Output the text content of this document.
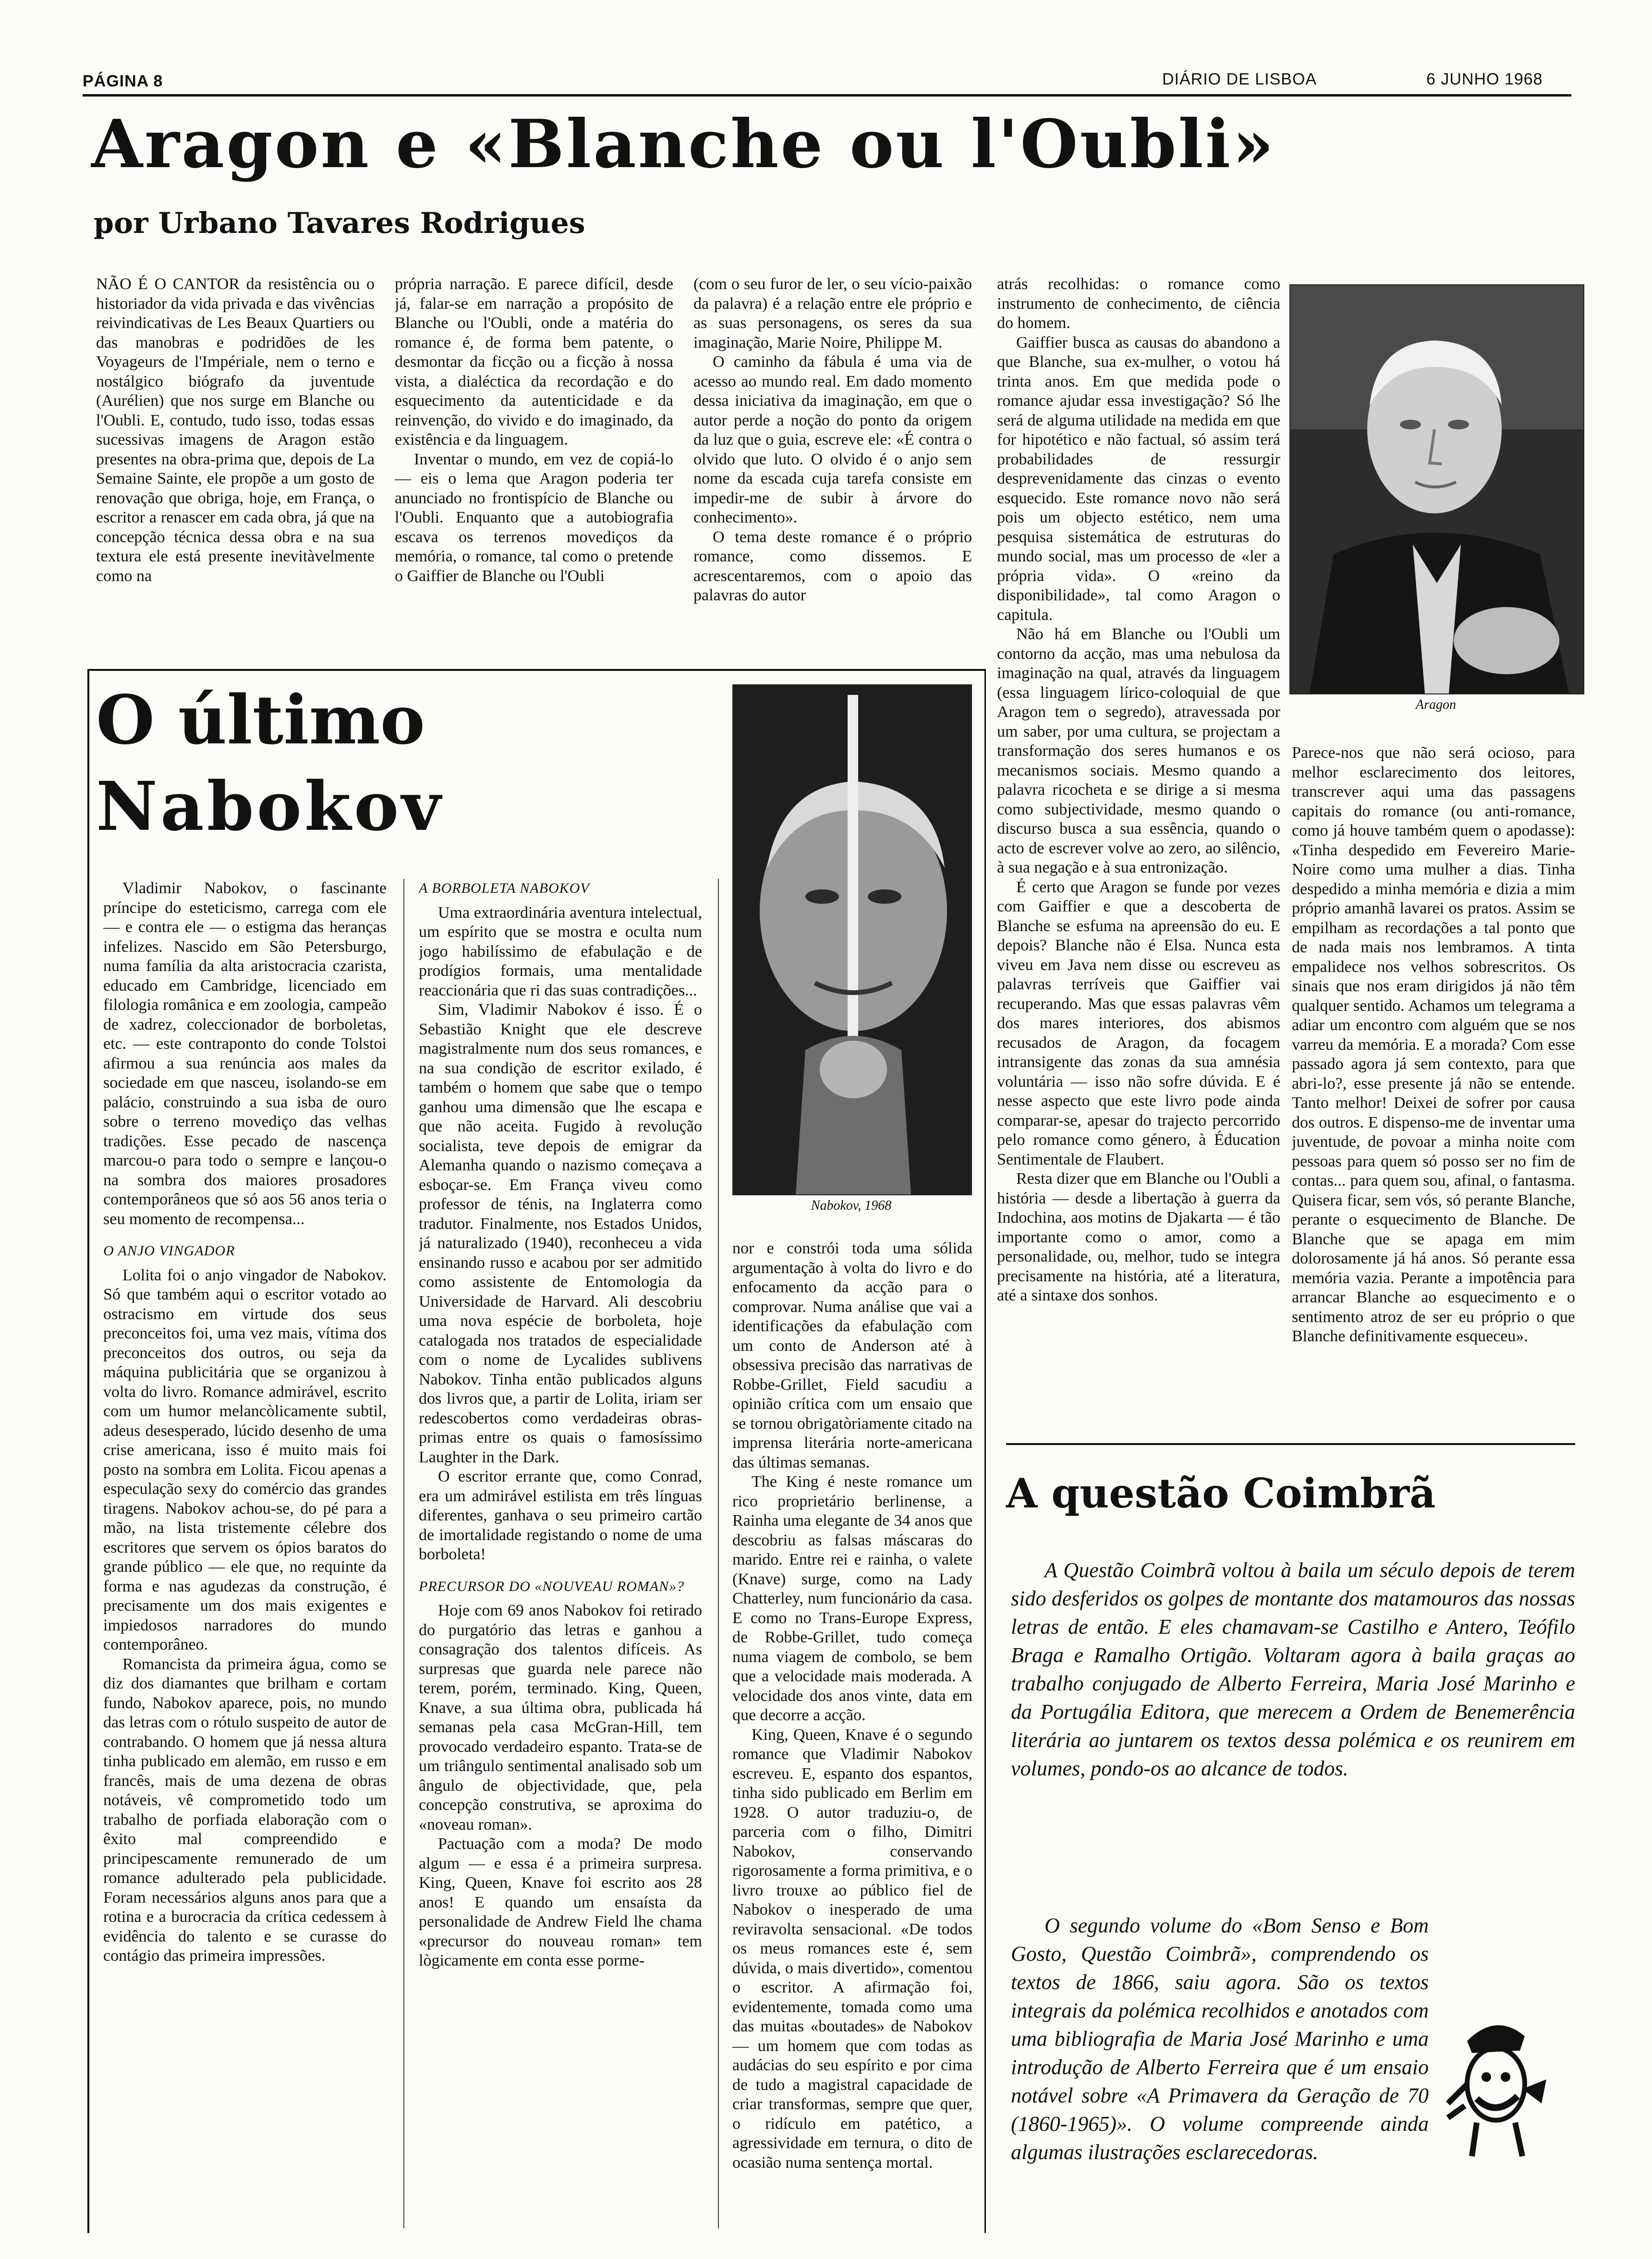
PÁGINA 8	DIÁRIO DE LISBOA	6 JUNHO 1968
Aragon e «Blanche ou l'Oubli»
por Urbano Tavares Rodrigues

NÃO É O CANTOR da resistência ou o historiador da vida privada e das vivências reivindicativas de Les Beaux Quartiers ou das manobras e podridões de les Voyageurs de l'Impériale, nem o terno e nostálgico biógrafo da juventude (Aurélien) que nos surge em Blanche ou l'Oubli. E, contudo, tudo isso, todas essas sucessivas imagens de Aragon estão presentes na obra-prima que, depois de La Semaine Sainte, ele propõe a um gosto de renovação que obriga, hoje, em França, o escritor a renascer em cada obra, já que na concepção técnica dessa obra e na sua textura ele está presente inevitàvelmente como na

própria narração. E parece difícil, desde já, falar-se em narração a propósito de Blanche ou l'Oubli, onde a matéria do romance é, de forma bem patente, o desmontar da ficção ou a ficção à nossa vista, a dialéctica da recordação e do esquecimento da autenticidade e da reinvenção, do vivido e do imaginado, da existência e da linguagem.

Inventar o mundo, em vez de copiá-lo — eis o lema que Aragon poderia ter anunciado no frontispício de Blanche ou l'Oubli. Enquanto que a autobiografia escava os terrenos movediços da memória, o romance, tal como o pretende o Gaiffier de Blanche ou l'Oubli

(com o seu furor de ler, o seu vício-paixão da palavra) é a relação entre ele próprio e as suas personagens, os seres da sua imaginação, Marie Noire, Philippe M.

O caminho da fábula é uma via de acesso ao mundo real. Em dado momento dessa iniciativa da imaginação, em que o autor perde a noção do ponto da origem da luz que o guia, escreve ele: «É contra o olvido que luto. O olvido é o anjo sem nome da escada cuja tarefa consiste em impedir-me de subir à árvore do conhecimento».

O tema deste romance é o próprio romance, como dissemos. E acrescentaremos, com o apoio das palavras do autor

atrás recolhidas: o romance como instrumento de conhecimento, de ciência do homem.

Gaiffier busca as causas do abandono a que Blanche, sua ex-mulher, o votou há trinta anos. Em que medida pode o romance ajudar essa investigação? Só lhe será de alguma utilidade na medida em que for hipotético e não factual, só assim terá probabilidades de ressurgir desprevenidamente das cinzas o evento esquecido. Este romance novo não será pois um objecto estético, nem uma pesquisa sistemática de estruturas do mundo social, mas um processo de «ler a própria vida». O «reino da disponibilidade», tal como Aragon o capitula.

Não há em Blanche ou l'Oubli um contorno da acção, mas uma nebulosa da imaginação na qual, através da linguagem (essa linguagem lírico-coloquial de que Aragon tem o segredo), atravessada por um saber, por uma cultura, se projectam a transformação dos seres humanos e os mecanismos sociais. Mesmo quando a palavra ricocheta e se dirige a si mesma como subjectividade, mesmo quando o discurso busca a sua essência, quando o acto de escrever volve ao zero, ao silêncio, à sua negação e à sua entronização.

É certo que Aragon se funde por vezes com Gaiffier e que a descoberta de Blanche se esfuma na apreensão do eu. E depois? Blanche não é Elsa. Nunca esta viveu em Java nem disse ou escreveu as palavras terríveis que Gaiffier vai recuperando. Mas que essas palavras vêm dos mares interiores, dos abismos recusados de Aragon, da focagem intransigente das zonas da sua amnésia voluntária — isso não sofre dúvida. E é nesse aspecto que este livro pode ainda comparar-se, apesar do trajecto percorrido pelo romance como género, à Éducation Sentimentale de Flaubert.

Resta dizer que em Blanche ou l'Oubli a história — desde a libertação à guerra da Indochina, aos motins de Djakarta — é tão importante como o amor, como a personalidade, ou, melhor, tudo se integra precisamente na história, até a literatura, até a sintaxe dos sonhos.

Aragon

Parece-nos que não será ocioso, para melhor esclarecimento dos leitores, transcrever aqui uma das passagens capitais do romance (ou anti-romance, como já houve também quem o apodasse): «Tinha despedido em Fevereiro Marie-Noire como uma mulher a dias. Tinha despedido a minha memória e dizia a mim próprio amanhã lavarei os pratos. Assim se empilham as recordações a tal ponto que de nada mais nos lembramos. A tinta empalidece nos velhos sobrescritos. Os sinais que nos eram dirigidos já não têm qualquer sentido. Achamos um telegrama a adiar um encontro com alguém que se nos varreu da memória. E a morada? Com esse passado agora já sem contexto, para que abri-lo?, esse presente já não se entende. Tanto melhor! Deixei de sofrer por causa dos outros. E dispenso-me de inventar uma juventude, de povoar a minha noite com pessoas para quem só posso ser no fim de contas... para quem sou, afinal, o fantasma. Quisera ficar, sem vós, só perante Blanche, perante o esquecimento de Blanche. De Blanche que se apaga em mim dolorosamente já há anos. Só perante essa memória vazia. Perante a impotência para arrancar Blanche ao esquecimento e o sentimento atroz de ser eu próprio o que Blanche definitivamente esqueceu».

O último
Nabokov
Nabokov, 1968

Vladimir Nabokov, o fascinante príncipe do esteticismo, carrega com ele — e contra ele — o estigma das heranças infelizes. Nascido em São Petersburgo, numa família da alta aristocracia czarista, educado em Cambridge, licenciado em filologia românica e em zoologia, campeão de xadrez, coleccionador de borboletas, etc. — este contraponto do conde Tolstoi afirmou a sua renúncia aos males da sociedade em que nasceu, isolando-se em palácio, construindo a sua isba de ouro sobre o terreno movediço das velhas tradições. Esse pecado de nascença marcou-o para todo o sempre e lançou-o na sombra dos maiores prosadores contemporâneos que só aos 56 anos teria o seu momento de recompensa...

O ANJO VINGADOR

Lolita foi o anjo vingador de Nabokov. Só que também aqui o escritor votado ao ostracismo em virtude dos seus preconceitos foi, uma vez mais, vítima dos preconceitos dos outros, ou seja da máquina publicitária que se organizou à volta do livro. Romance admirável, escrito com um humor melancòlicamente subtil, adeus desesperado, lúcido desenho de uma crise americana, isso é muito mais foi posto na sombra em Lolita. Ficou apenas a especulação sexy do comércio das grandes tiragens. Nabokov achou-se, do pé para a mão, na lista tristemente célebre dos escritores que servem os ópios baratos do grande público — ele que, no requinte da forma e nas agudezas da construção, é precisamente um dos mais exigentes e impiedosos narradores do mundo contemporâneo.

Romancista da primeira água, como se diz dos diamantes que brilham e cortam fundo, Nabokov aparece, pois, no mundo das letras com o rótulo suspeito de autor de contrabando. O homem que já nessa altura tinha publicado em alemão, em russo e em francês, mais de uma dezena de obras notáveis, vê comprometido todo um trabalho de porfiada elaboração com o êxito mal compreendido e principescamente remunerado de um romance adulterado pela publicidade. Foram necessários alguns anos para que a rotina e a burocracia da crítica cedessem à evidência do talento e se curasse do contágio das primeira impressões.

A BORBOLETA NABOKOV

Uma extraordinária aventura intelectual, um espírito que se mostra e oculta num jogo habilíssimo de efabulação e de prodígios formais, uma mentalidade reaccionária que ri das suas contradições...

Sim, Vladimir Nabokov é isso. É o Sebastião Knight que ele descreve magistralmente num dos seus romances, e na sua condição de escritor exilado, é também o homem que sabe que o tempo ganhou uma dimensão que lhe escapa e que não aceita. Fugido à revolução socialista, teve depois de emigrar da Alemanha quando o nazismo começava a esboçar-se. Em França viveu como professor de ténis, na Inglaterra como tradutor. Finalmente, nos Estados Unidos, já naturalizado (1940), reconheceu a vida ensinando russo e acabou por ser admitido como assistente de Entomologia da Universidade de Harvard. Ali descobriu uma nova espécie de borboleta, hoje catalogada nos tratados de especialidade com o nome de Lycalides sublivens Nabokov. Tinha então publicados alguns dos livros que, a partir de Lolita, iriam ser redescobertos como verdadeiras obras-primas entre os quais o famosíssimo Laughter in the Dark.

O escritor errante que, como Conrad, era um admirável estilista em três línguas diferentes, ganhava o seu primeiro cartão de imortalidade registando o nome de uma borboleta!

PRECURSOR DO «NOUVEAU ROMAN»?

Hoje com 69 anos Nabokov foi retirado do purgatório das letras e ganhou a consagração dos talentos difíceis. As surpresas que guarda nele parece não terem, porém, terminado. King, Queen, Knave, a sua última obra, publicada há semanas pela casa McGran-Hill, tem provocado verdadeiro espanto. Trata-se de um triângulo sentimental analisado sob um ângulo de objectividade, que, pela concepção construtiva, se aproxima do «noveau roman».

Pactuação com a moda? De modo algum — e essa é a primeira surpresa. King, Queen, Knave foi escrito aos 28 anos! E quando um ensaísta da personalidade de Andrew Field lhe chama «precursor do nouveau roman» tem lògicamente em conta esse porme-

nor e constrói toda uma sólida argumentação à volta do livro e do enfocamento da acção para o comprovar. Numa análise que vai a identificações da efabulação com um conto de Anderson até à obsessiva precisão das narrativas de Robbe-Grillet, Field sacudiu a opinião crítica com um ensaio que se tornou obrigatòriamente citado na imprensa literária norte-americana das últimas semanas.

The King é neste romance um rico proprietário berlinense, a Rainha uma elegante de 34 anos que descobriu as falsas máscaras do marido. Entre rei e rainha, o valete (Knave) surge, como na Lady Chatterley, num funcionário da casa. E como no Trans-Europe Express, de Robbe-Grillet, tudo começa numa viagem de combolo, se bem que a velocidade mais moderada. A velocidade dos anos vinte, data em que decorre a acção.

King, Queen, Knave é o segundo romance que Vladimir Nabokov escreveu. E, espanto dos espantos, tinha sido publicado em Berlim em 1928. O autor traduziu-o, de parceria com o filho, Dimitri Nabokov, conservando rigorosamente a forma primitiva, e o livro trouxe ao público fiel de Nabokov o inesperado de uma reviravolta sensacional. «De todos os meus romances este é, sem dúvida, o mais divertido», comentou o escritor. A afirmação foi, evidentemente, tomada como uma das muitas «boutades» de Nabokov — um homem que com todas as audácias do seu espírito e por cima de tudo a magistral capacidade de criar transformas, sempre que quer, o ridículo em patético, a agressividade em ternura, o dito de ocasião numa sentença mortal.

A questão Coimbrã

A Questão Coimbrã voltou à baila um século depois de terem sido desferidos os golpes de montante dos matamouros das nossas letras de então. E eles chamavam-se Castilho e Antero, Teófilo Braga e Ramalho Ortigão. Voltaram agora à baila graças ao trabalho conjugado de Alberto Ferreira, Maria José Marinho e da Portugália Editora, que merecem a Ordem de Benemerência literária ao juntarem os textos dessa polémica e os reunirem em volumes, pondo-os ao alcance de todos.

O segundo volume do «Bom Senso e Bom Gosto, Questão Coimbrã», comprendendo os textos de 1866, saiu agora. São os textos integrais da polémica recolhidos e anotados com uma bibliografia de Maria José Marinho e uma introdução de Alberto Ferreira que é um ensaio notável sobre «A Primavera da Geração de 70 (1860-1965)». O volume compreende ainda algumas ilustrações esclarecedoras.
